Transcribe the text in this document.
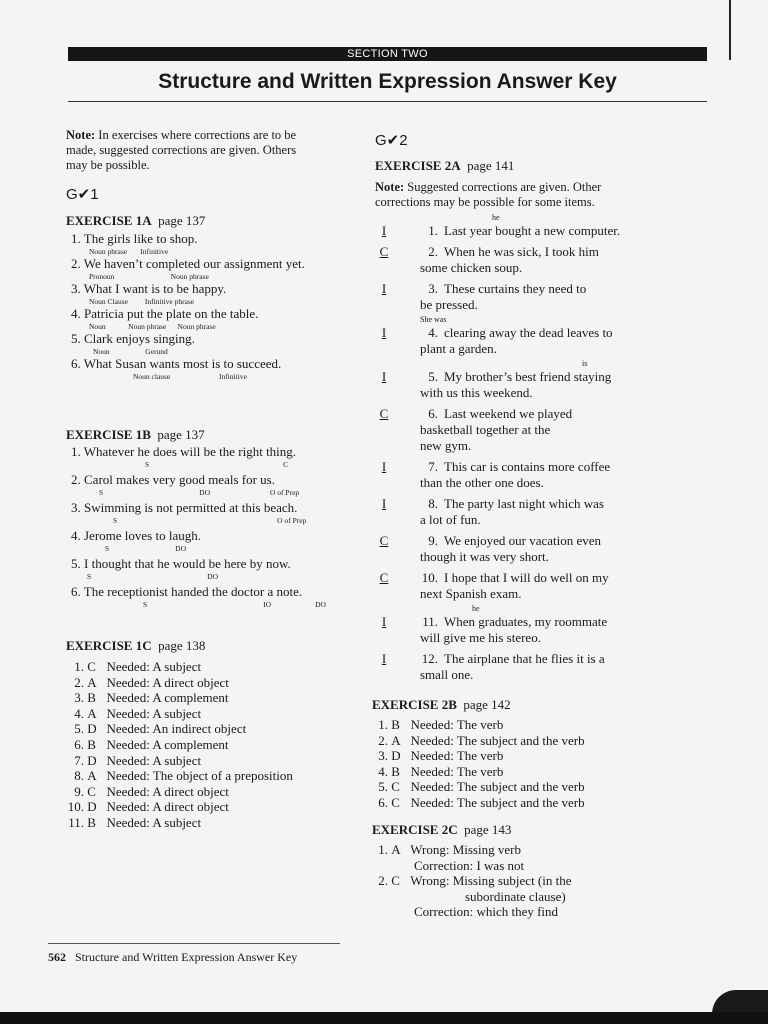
SECTION TWO
Structure and Written Expression Answer Key
Note: In exercises where corrections are to be
made, suggested corrections are given. Others
may be possible.
G✔1
EXERCISE 1A page 137
1. The girls like to shop.
Noun phrase Infinitive
2. We haven’t completed our assignment yet.
Pronoun	Noun phrase
3. What I want is to be happy.
Noun Clause Infinitive phrase
4. Patricia put the plate on the table.
Noun	Noun phrase Noun phrase
5. Clark enjoys singing.
Noun	Gerund
6. What Susan wants most is to succeed.
Noun clause	Infinitive
EXERCISE 1B page 137
1. Whatever he does will be the right thing.
S	C
2. Carol makes very good meals for us.
S	DO	O of Prep
3. Swimming is not permitted at this beach.
S	O of Prep
4. Jerome loves to laugh.
S	DO
5. I thought that he would be here by now.
S	DO
6. The receptionist handed the doctor a note.
S	IO	DO
EXERCISE 1C page 138
1. C Needed: A subject
2. A Needed: A direct object
3. B Needed: A complement
4. A Needed: A subject
5. D Needed: An indirect object
6. B Needed: A complement
7. D Needed: A subject
8. A Needed: The object of a preposition
9. C Needed: A direct object
10. D Needed: A direct object
11. B Needed: A subject
G✔2
EXERCISE 2A page 141
Note: Suggested corrections are given. Other
corrections may be possible for some items.
he
I	1. Last year bought a new computer.
C	2. When he was sick, I took him
some chicken soup.
I	3. These curtains they need to
be pressed.
She was
I	4. clearing away the dead leaves to
plant a garden.
is
I	5. My brother’s best friend staying
with us this weekend.
C	6. Last weekend we played
basketball together at the
new gym.
I	7. This car is contains more coffee
than the other one does.
I	8. The party last night which was
a lot of fun.
C	9. We enjoyed our vacation even
though it was very short.
C	10. I hope that I will do well on my
next Spanish exam.
he
I	11. When graduates, my roommate
will give me his stereo.
I	12. The airplane that he flies it is a
small one.
EXERCISE 2B page 142
1. B Needed: The verb
2. A Needed: The subject and the verb
3. D Needed: The verb
4. B Needed: The verb
5. C Needed: The subject and the verb
6. C Needed: The subject and the verb
EXERCISE 2C page 143
1. A Wrong: Missing verb
Correction: I was not
2. C Wrong: Missing subject (in the
subordinate clause)
Correction: which they find
562 Structure and Written Expression Answer Key
